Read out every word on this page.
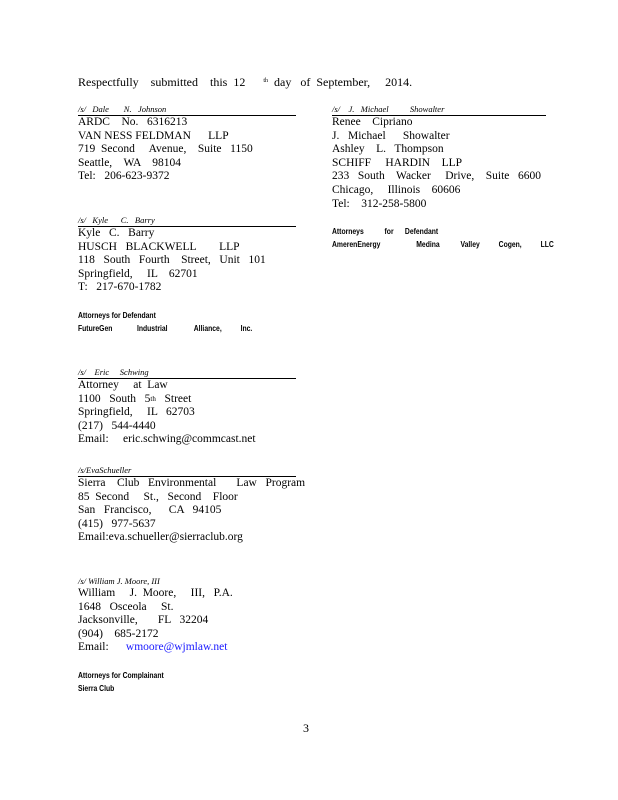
Respectfully    submitted    this  12	$^{th}$ day   of  September,     2014.
/s/   Dale       N.   Johnson
ARDC    No.   6316213
VAN NESS FELDMAN      LLP
719  Second     Avenue,    Suite   1150
Seattle,    WA    98104
Tel:   206-623-9372
/s/   Kyle      C.   Barry
Kyle   C.   Barry
HUSCH   BLACKWELL        LLP
118   South   Fourth    Street,   Unit   101
Springfield,     IL    62701
T:   217-670-1782
Attorneys for Defendant
FutureGen             Industrial              Alliance,          Inc.
/s/    Eric     Schwing
Attorney     at  Law
1100   South   5th   Street
Springfield,     IL   62703
(217)   544-4440
Email:     eric.schwing@commcast.net
/s/EvaSchueller
Sierra    Club   Environmental       Law   Program
85  Second     St.,   Second    Floor
San   Francisco,      CA   94105
(415)   977-5637
Email:eva.schueller@sierraclub.org
/s/ William J. Moore, III
William     J.  Moore,     III,   P.A.
1648   Osceola     St.
Jacksonville,       FL   32204
(904)    685-2172
Email: wmoore@wjmlaw.net
Attorneys for Complainant
Sierra Club
/s/    J.   Michael          Showalter
Renee    Cipriano
J.   Michael      Showalter
Ashley    L.   Thompson
SCHIFF     HARDIN    LLP
233   South    Wacker     Drive,    Suite   6600
Chicago,     Illinois    60606
Tel:    312-258-5800
Attorneys           for      Defendant
AmerenEnergy                   Medina           Valley          Cogen,          LLC
3
